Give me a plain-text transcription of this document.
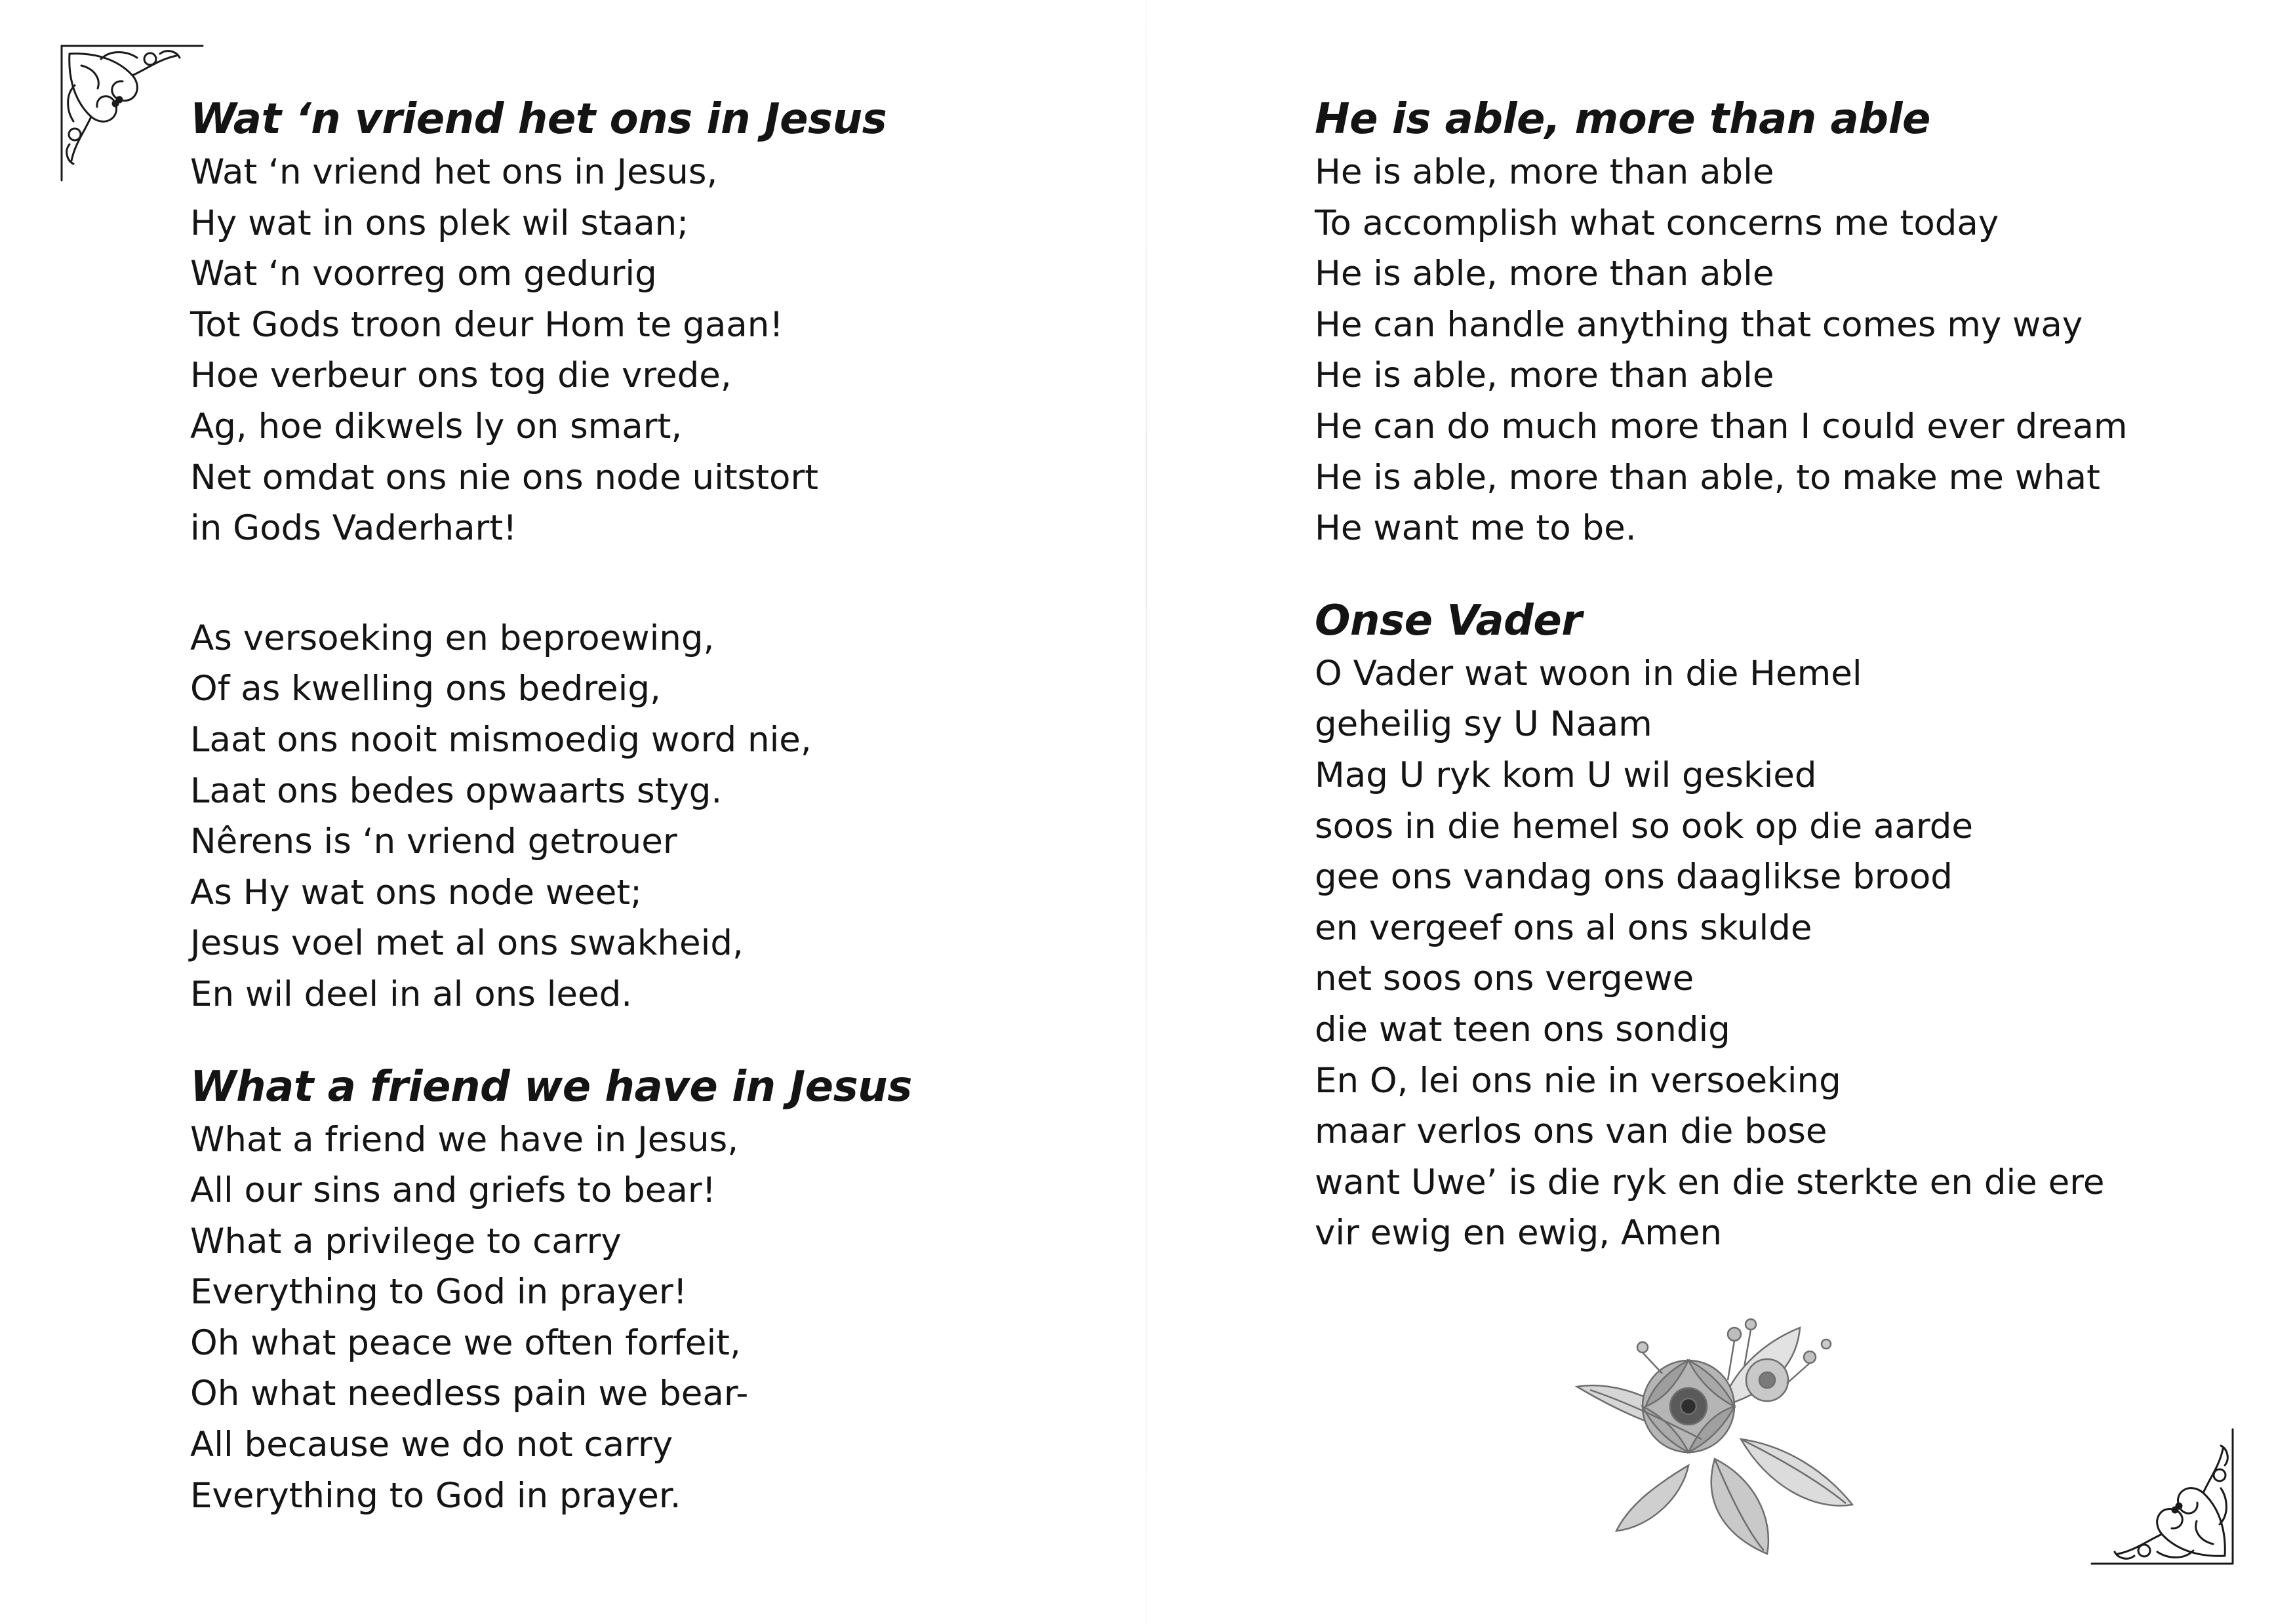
Wat ‘n vriend het ons in Jesus
Wat ‘n vriend het ons in Jesus,
Hy wat in ons plek wil staan;
Wat ‘n voorreg om gedurig
Tot Gods troon deur Hom te gaan!
Hoe verbeur ons tog die vrede,
Ag, hoe dikwels ly on smart,
Net omdat ons nie ons node uitstort
in Gods Vaderhart!
As versoeking en beproewing,
Of as kwelling ons bedreig,
Laat ons nooit mismoedig word nie,
Laat ons bedes opwaarts styg.
Nêrens is ‘n vriend getrouer
As Hy wat ons node weet;
Jesus voel met al ons swakheid,
En wil deel in al ons leed.
What a friend we have in Jesus
What a friend we have in Jesus,
All our sins and griefs to bear!
What a privilege to carry
Everything to God in prayer!
Oh what peace we often forfeit,
Oh what needless pain we bear-
All because we do not carry
Everything to God in prayer.
He is able, more than able
He is able, more than able
To accomplish what concerns me today
He is able, more than able
He can handle anything that comes my way
He is able, more than able
He can do much more than I could ever dream
He is able, more than able, to make me what
He want me to be.
Onse Vader
O Vader wat woon in die Hemel
geheilig sy U Naam
Mag U ryk kom U wil geskied
soos in die hemel so ook op die aarde
gee ons vandag ons daaglikse brood
en vergeef ons al ons skulde
net soos ons vergewe
die wat teen ons sondig
En O, lei ons nie in versoeking
maar verlos ons van die bose
want Uwe’ is die ryk en die sterkte en die ere
vir ewig en ewig, Amen
